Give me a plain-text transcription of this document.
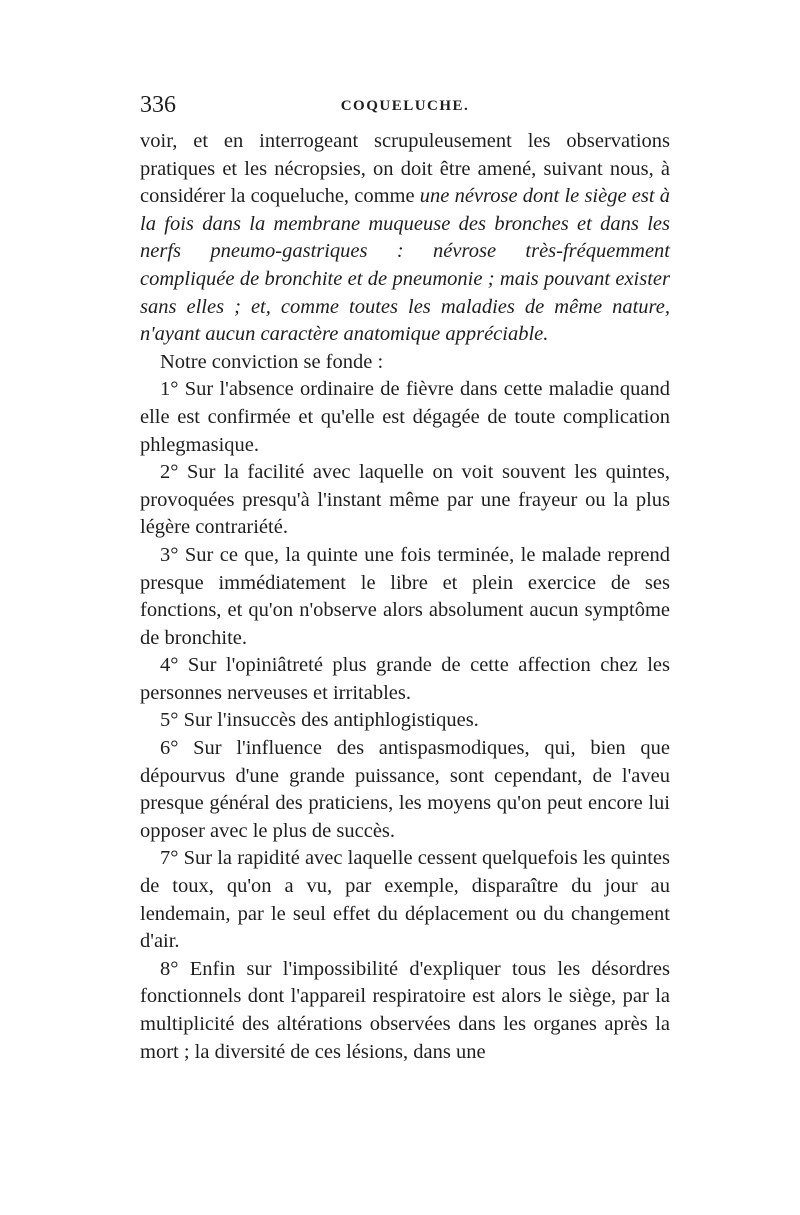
336	COQUELUCHE.

voir, et en interrogeant scrupuleusement les observations pratiques et les nécropsies, on doit être amené, suivant nous, à considérer la coqueluche, comme une névrose dont le siège est à la fois dans la membrane muqueuse des bronches et dans les nerfs pneumo-gastriques : névrose très-fréquemment compliquée de bronchite et de pneumonie ; mais pouvant exister sans elles ; et, comme toutes les maladies de même nature, n'ayant aucun caractère anatomique appréciable.

Notre conviction se fonde :

1° Sur l'absence ordinaire de fièvre dans cette maladie quand elle est confirmée et qu'elle est dégagée de toute complication phlegmasique.

2° Sur la facilité avec laquelle on voit souvent les quintes, provoquées presqu'à l'instant même par une frayeur ou la plus légère contrariété.

3° Sur ce que, la quinte une fois terminée, le malade reprend presque immédiatement le libre et plein exercice de ses fonctions, et qu'on n'observe alors absolument aucun symptôme de bronchite.

4° Sur l'opiniâtreté plus grande de cette affection chez les personnes nerveuses et irritables.

5° Sur l'insuccès des antiphlogistiques.

6° Sur l'influence des antispasmodiques, qui, bien que dépourvus d'une grande puissance, sont cependant, de l'aveu presque général des praticiens, les moyens qu'on peut encore lui opposer avec le plus de succès.

7° Sur la rapidité avec laquelle cessent quelquefois les quintes de toux, qu'on a vu, par exemple, disparaître du jour au lendemain, par le seul effet du déplacement ou du changement d'air.

8° Enfin sur l'impossibilité d'expliquer tous les désordres fonctionnels dont l'appareil respiratoire est alors le siège, par la multiplicité des altérations observées dans les organes après la mort ; la diversité de ces lésions, dans une
